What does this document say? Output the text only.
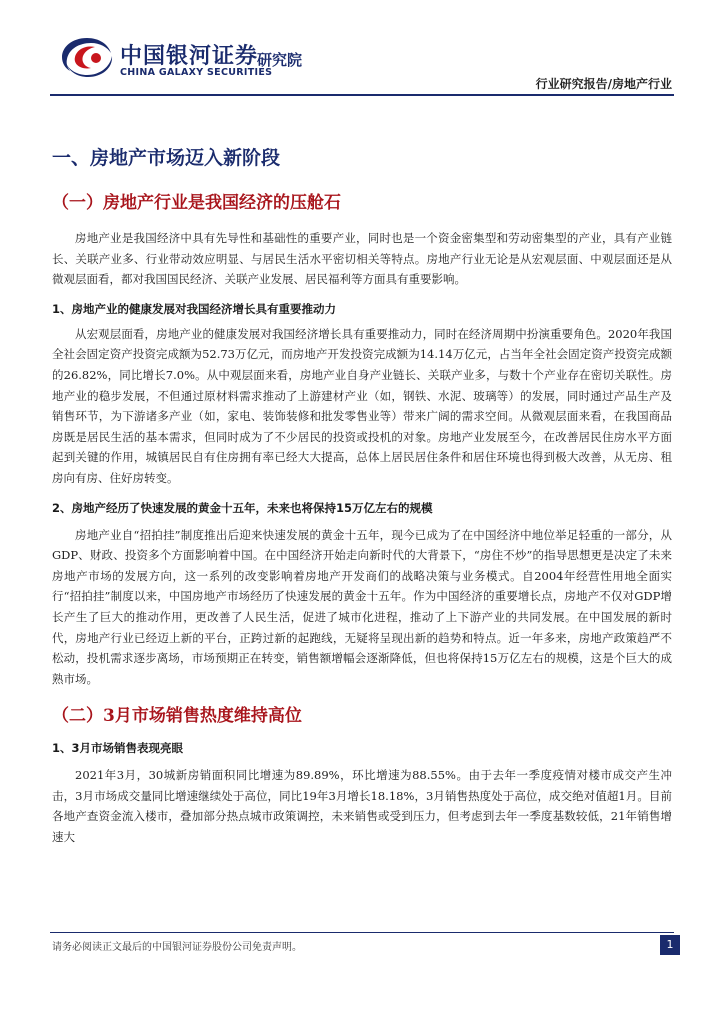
中国银河证券
CHINA GALAXY SECURITIES
研究院
行业研究报告/房地产行业
一、房地产市场迈入新阶段
（一）房地产行业是我国经济的压舱石

房地产业是我国经济中具有先导性和基础性的重要产业，同时也是一个资金密集型和劳动密集型的产业，具有产业链长、关联产业多、行业带动效应明显、与居民生活水平密切相关等特点。房地产行业无论是从宏观层面、中观层面还是从微观层面看，都对我国国民经济、关联产业发展、居民福利等方面具有重要影响。

1、房地产业的健康发展对我国经济增长具有重要推动力

从宏观层面看，房地产业的健康发展对我国经济增长具有重要推动力，同时在经济周期中扮演重要角色。2020年我国全社会固定资产投资完成额为52.73万亿元，而房地产开发投资完成额为14.14万亿元，占当年全社会固定资产投资完成额的26.82%，同比增长7.0%。从中观层面来看，房地产业自身产业链长、关联产业多，与数十个产业存在密切关联性。房地产业的稳步发展，不但通过原材料需求推动了上游建材产业（如，钢铁、水泥、玻璃等）的发展，同时通过产品生产及销售环节，为下游诸多产业（如，家电、装饰装修和批发零售业等）带来广阔的需求空间。从微观层面来看，在我国商品房既是居民生活的基本需求，但同时成为了不少居民的投资或投机的对象。房地产业发展至今，在改善居民住房水平方面起到关键的作用，城镇居民自有住房拥有率已经大大提高，总体上居民居住条件和居住环境也得到极大改善，从无房、租房向有房、住好房转变。

2、房地产经历了快速发展的黄金十五年，未来也将保持15万亿左右的规模

房地产业自“招拍挂”制度推出后迎来快速发展的黄金十五年，现今已成为了在中国经济中地位举足轻重的一部分，从GDP、财政、投资多个方面影响着中国。在中国经济开始走向新时代的大背景下，“房住不炒”的指导思想更是决定了未来房地产市场的发展方向，这一系列的改变影响着房地产开发商们的战略决策与业务模式。自2004年经营性用地全面实行“招拍挂”制度以来，中国房地产市场经历了快速发展的黄金十五年。作为中国经济的重要增长点，房地产不仅对GDP增长产生了巨大的推动作用，更改善了人民生活，促进了城市化进程，推动了上下游产业的共同发展。在中国发展的新时代，房地产行业已经迈上新的平台，正跨过新的起跑线，无疑将呈现出新的趋势和特点。近一年多来，房地产政策趋严不松动，投机需求逐步离场，市场预期正在转变，销售额增幅会逐渐降低，但也将保持15万亿左右的规模，这是个巨大的成熟市场。

（二）3月市场销售热度维持高位
1、3月市场销售表现亮眼

2021年3月，30城新房销面积同比增速为89.89%，环比增速为88.55%。由于去年一季度疫情对楼市成交产生冲击，3月市场成交量同比增速继续处于高位，同比19年3月增长18.18%，3月销售热度处于高位，成交绝对值超1月。目前各地产查资金流入楼市，叠加部分热点城市政策调控，未来销售或受到压力，但考虑到去年一季度基数较低，21年销售增速大

请务必阅读正文最后的中国银河证券股份公司免责声明。	1
